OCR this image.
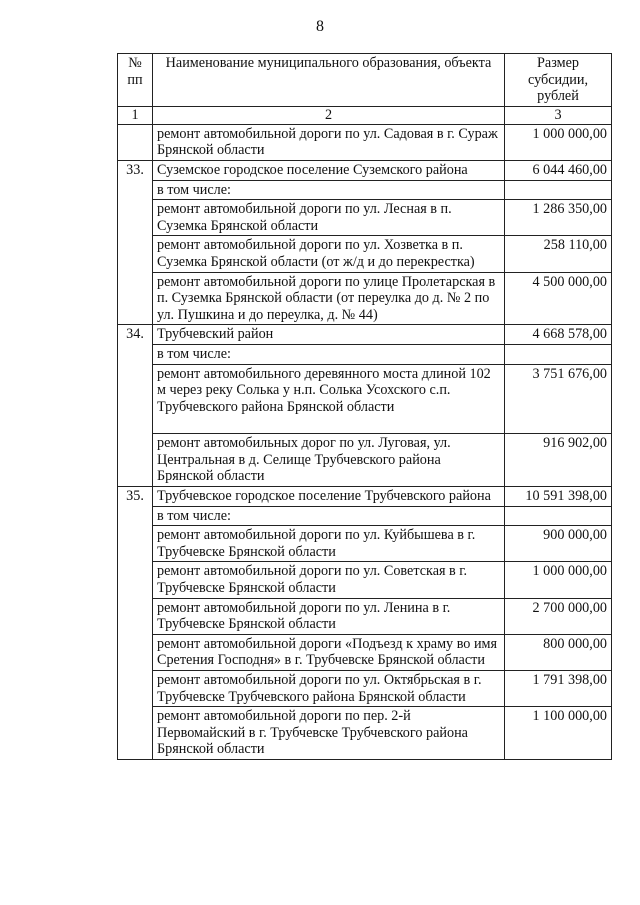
8
№ пп	Наименование муниципального образования, объекта	Размер субсидии, рублей
1	2	3
	ремонт автомобильной дороги по ул. Садовая в г. Сураж Брянской области	1 000 000,00
33.	Суземское городское поселение Суземского района	6 044 460,00
	в том числе:	
	ремонт автомобильной дороги по ул. Лесная в п. Суземка Брянской области	1 286 350,00
	ремонт автомобильной дороги по ул. Хозветка в п. Суземка Брянской области (от ж/д и до перекрестка)	258 110,00
	ремонт автомобильной дороги по улице Пролетарская в п. Суземка Брянской области (от переулка до д. № 2 по ул. Пушкина и до переулка, д. № 44)	4 500 000,00
34.	Трубчевский район	4 668 578,00
	в том числе:	
	ремонт автомобильного деревянного моста длиной 102 м через реку Солька у н.п. Солька Усохского с.п. Трубчевского района Брянской области	3 751 676,00
	ремонт автомобильных дорог по ул. Луговая, ул. Центральная в д. Селище Трубчевского района Брянской области	916 902,00
35.	Трубчевское городское поселение Трубчевского района	10 591 398,00
	в том числе:	
	ремонт автомобильной дороги по ул. Куйбышева в г. Трубчевске Брянской области	900 000,00
	ремонт автомобильной дороги по ул. Советская в г. Трубчевске Брянской области	1 000 000,00
	ремонт автомобильной дороги по ул. Ленина в г. Трубчевске Брянской области	2 700 000,00
	ремонт автомобильной дороги «Подъезд к храму во имя Сретения Господня» в г. Трубчевске Брянской области	800 000,00
	ремонт автомобильной дороги по ул. Октябрьская в г. Трубчевске Трубчевского района Брянской области	1 791 398,00
	ремонт автомобильной дороги по пер. 2-й Первомайский в г. Трубчевске Трубчевского района Брянской области	1 100 000,00
